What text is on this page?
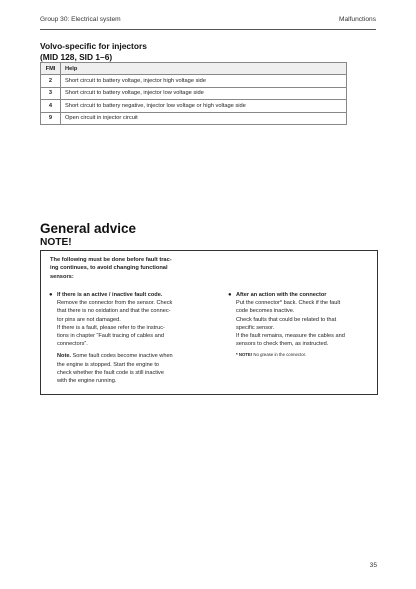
Group 30: Electrical system	Malfunctions
Volvo-specific for injectors
(MID 128, SID 1–6)
FMI	Help
2	Short circuit to battery voltage, injector high voltage side
3	Short circuit to battery voltage, injector low voltage side
4	Short circuit to battery negative, injector low voltage or high voltage side
9	Open circuit in injector circuit
General advice
NOTE!
The following must be done before fault trac-
ing continues, to avoid changing functional
sensors:
● If there is an active / inactive fault code.
Remove the connector from the sensor. Check
that there is no oxidation and that the connec-
tor pins are not damaged.
If there is a fault, please refer to the instruc-
tions in chapter “Fault tracing of cables and
connectors”.
Note. Some fault codes become inactive when
the engine is stopped. Start the engine to
check whether the fault code is still inactive
with the engine running.
● After an action with the connector
Put the connector* back. Check if the fault
code becomes inactive.
Check faults that could be related to that
specific sensor.
If the fault remains, measure the cables and
sensors to check them, as instructed.
* NOTE! No grease in the connector.
35
